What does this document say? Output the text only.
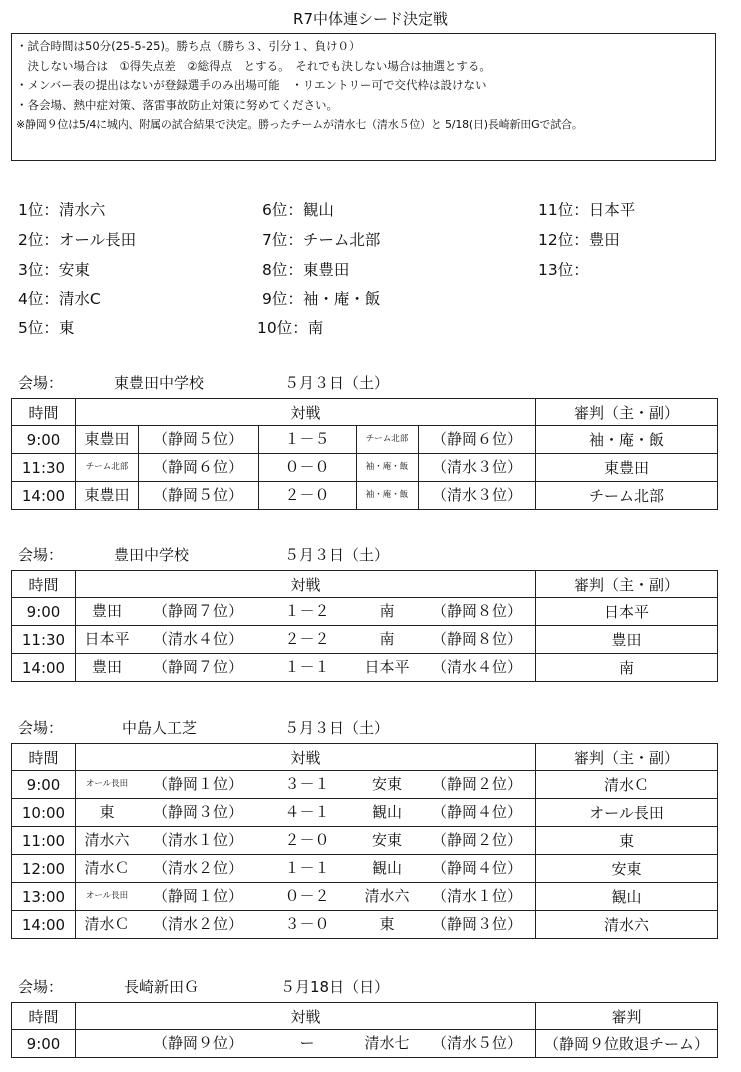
R7中体連シード決定戦
・試合時間は50分(25-5-25)。勝ち点（勝ち３、引分１、負け０）
　決しない場合は　①得失点差　②総得点　とする。　それでも決しない場合は抽選とする。
・メンバー表の提出はないが登録選手のみ出場可能　・リエントリー可で交代枠は設けない
・各会場、熱中症対策、落雷事故防止対策に努めてください。
※静岡９位は5/4に城内、附属の試合結果で決定。勝ったチームが清水七（清水５位）と 5/18(日)長崎新田Gで試合。
1位：清水六
2位：オール長田
3位：安東
4位：清水C
5位：東
6位：観山
7位：チーム北部
8位：東豊田
9位：袖・庵・飯
10位：南
11位：日本平
12位：豊田
13位：
会場：	東豊田中学校	５月３日（土）
時間	対戦	審判（主・副）
9:00	東豊田 （静岡５位） １－５ チーム北部 （静岡６位）	袖・庵・飯
11:30	チーム北部 （静岡６位） ０－０ 袖・庵・飯 （清水３位）	東豊田
14:00	東豊田 （静岡５位） ２－０ 袖・庵・飯 （清水３位）	チーム北部
会場：	豊田中学校	５月３日（土）
時間	対戦	審判（主・副）
9:00	豊田 （静岡７位） １－２ 南 （静岡８位）	日本平
11:30	日本平 （清水４位） ２－２ 南 （静岡８位）	豊田
14:00	豊田 （静岡７位） １－１ 日本平 （清水４位）	南
会場：	中島人工芝	５月３日（土）
時間	対戦	審判（主・副）
9:00	オール長田 （静岡１位） ３－１ 安東 （静岡２位）	清水Ｃ
10:00	東 （静岡３位） ４－１ 観山 （静岡４位）	オール長田
11:00	清水六 （清水１位） ２－０ 安東 （静岡２位）	東
12:00	清水Ｃ （清水２位） １－１ 観山 （静岡４位）	安東
13:00	オール長田 （静岡１位） ０－２ 清水六 （清水１位）	観山
14:00	清水Ｃ （清水２位） ３－０ 東 （静岡３位）	清水六
会場：	長崎新田Ｇ	５月18日（日）
時間	対戦	審判
9:00	（静岡９位） ー 清水七 （清水５位）	（静岡９位敗退チーム）
